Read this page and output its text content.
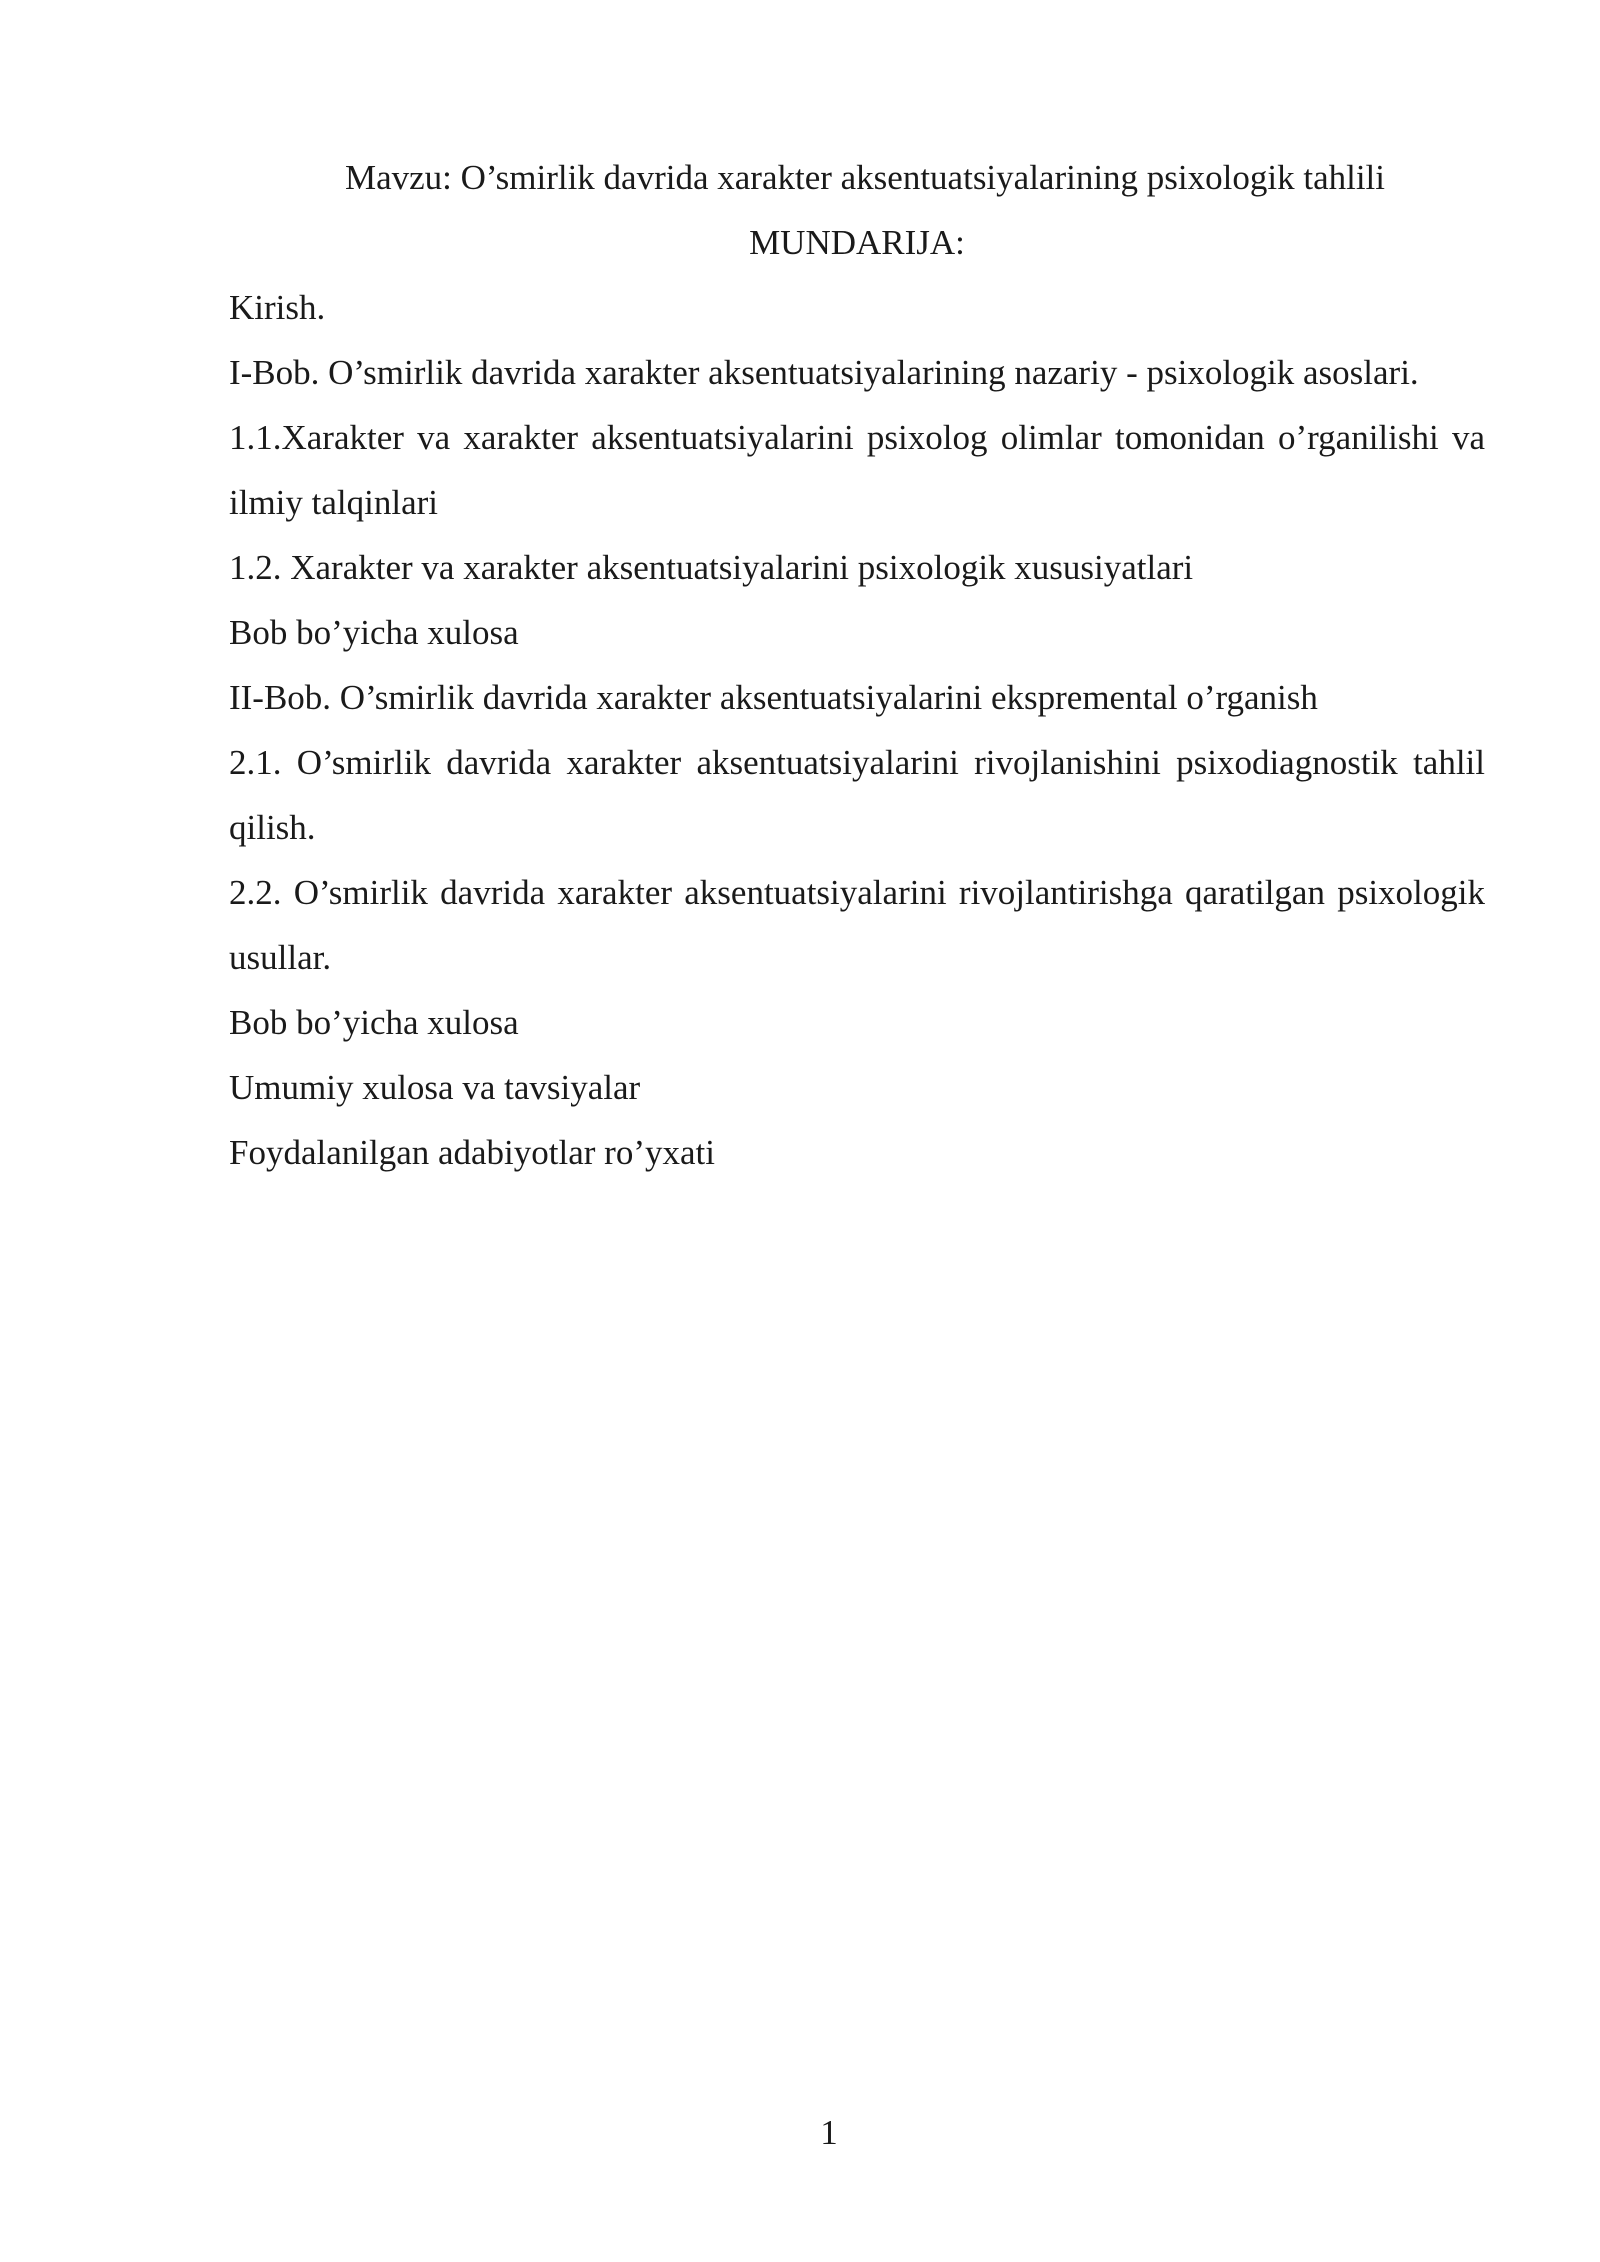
Mavzu: O’smirlik davrida xarakter aksentuatsiyalarining psixologik tahlili

MUNDARIJA:

Kirish.
I-Bob. O’smirlik davrida xarakter aksentuatsiyalarining nazariy - psixologik asoslari.
1.1.Xarakter va xarakter aksentuatsiyalarini psixolog olimlar tomonidan o’rganilishi va ilmiy talqinlari
1.2. Xarakter va xarakter aksentuatsiyalarini psixologik xususiyatlari
Bob bo’yicha xulosa
II-Bob. O’smirlik davrida xarakter aksentuatsiyalarini ekspremental o’rganish
2.1. O’smirlik davrida xarakter aksentuatsiyalarini rivojlanishini psixodiagnostik tahlil qilish.
2.2. O’smirlik davrida xarakter aksentuatsiyalarini rivojlantirishga qaratilgan psixologik usullar.
Bob bo’yicha xulosa
Umumiy xulosa va tavsiyalar
Foydalanilgan adabiyotlar ro’yxati
1
